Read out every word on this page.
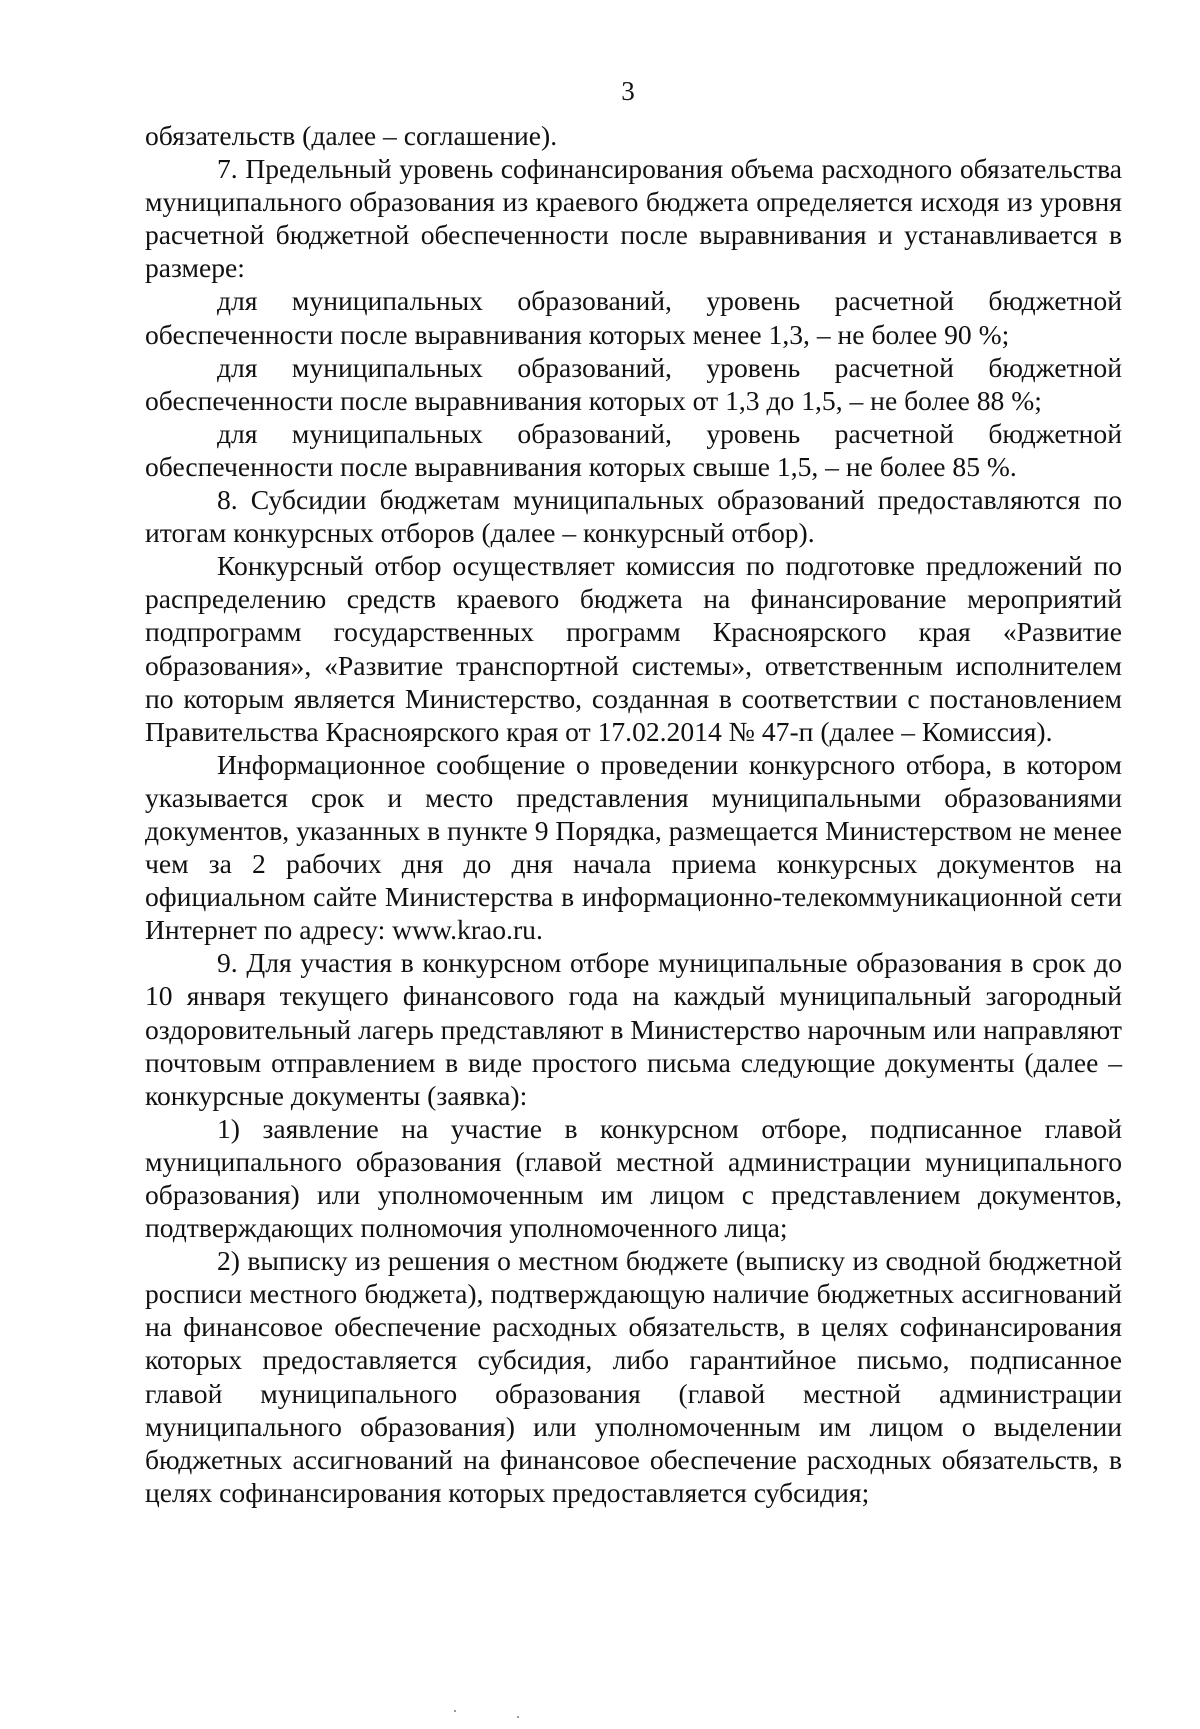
3

обязательств (далее – соглашение).

7. Предельный уровень софинансирования объема расходного обязательства муниципального образования из краевого бюджета определяется исходя из уровня расчетной бюджетной обеспеченности после выравнивания и устанавливается в размере:

для муниципальных образований, уровень расчетной бюджетной обеспеченности после выравнивания которых менее 1,3, – не более 90 %;

для муниципальных образований, уровень расчетной бюджетной обеспеченности после выравнивания которых от 1,3 до 1,5, – не более 88 %;

для муниципальных образований, уровень расчетной бюджетной обеспеченности после выравнивания которых свыше 1,5, – не более 85 %.

8. Субсидии бюджетам муниципальных образований предоставляются по итогам конкурсных отборов (далее – конкурсный отбор).

Конкурсный отбор осуществляет комиссия по подготовке предложений по распределению средств краевого бюджета на финансирование мероприятий подпрограмм государственных программ Красноярского края «Развитие образования», «Развитие транспортной системы», ответственным исполнителем по которым является Министерство, созданная в соответствии с постановлением Правительства Красноярского края от 17.02.2014 № 47-п (далее – Комиссия).

Информационное сообщение о проведении конкурсного отбора, в котором указывается срок и место представления муниципальными образованиями документов, указанных в пункте 9 Порядка, размещается Министерством не менее чем за 2 рабочих дня до дня начала приема конкурсных документов на официальном сайте Министерства в информационно-телекоммуникационной сети Интернет по адресу: www.krao.ru.

9. Для участия в конкурсном отборе муниципальные образования в срок до 10 января текущего финансового года на каждый муниципальный загородный оздоровительный лагерь представляют в Министерство нарочным или направляют почтовым отправлением в виде простого письма следующие документы (далее – конкурсные документы (заявка):

1) заявление на участие в конкурсном отборе, подписанное главой муниципального образования (главой местной администрации муниципального образования) или уполномоченным им лицом с представлением документов, подтверждающих полномочия уполномоченного лица;

2) выписку из решения о местном бюджете (выписку из сводной бюджетной росписи местного бюджета), подтверждающую наличие бюджетных ассигнований на финансовое обеспечение расходных обязательств, в целях софинансирования которых предоставляется субсидия, либо гарантийное письмо, подписанное главой муниципального образования (главой местной администрации муниципального образования) или уполномоченным им лицом о выделении бюджетных ассигнований на финансовое обеспечение расходных обязательств, в целях софинансирования которых предоставляется субсидия;
